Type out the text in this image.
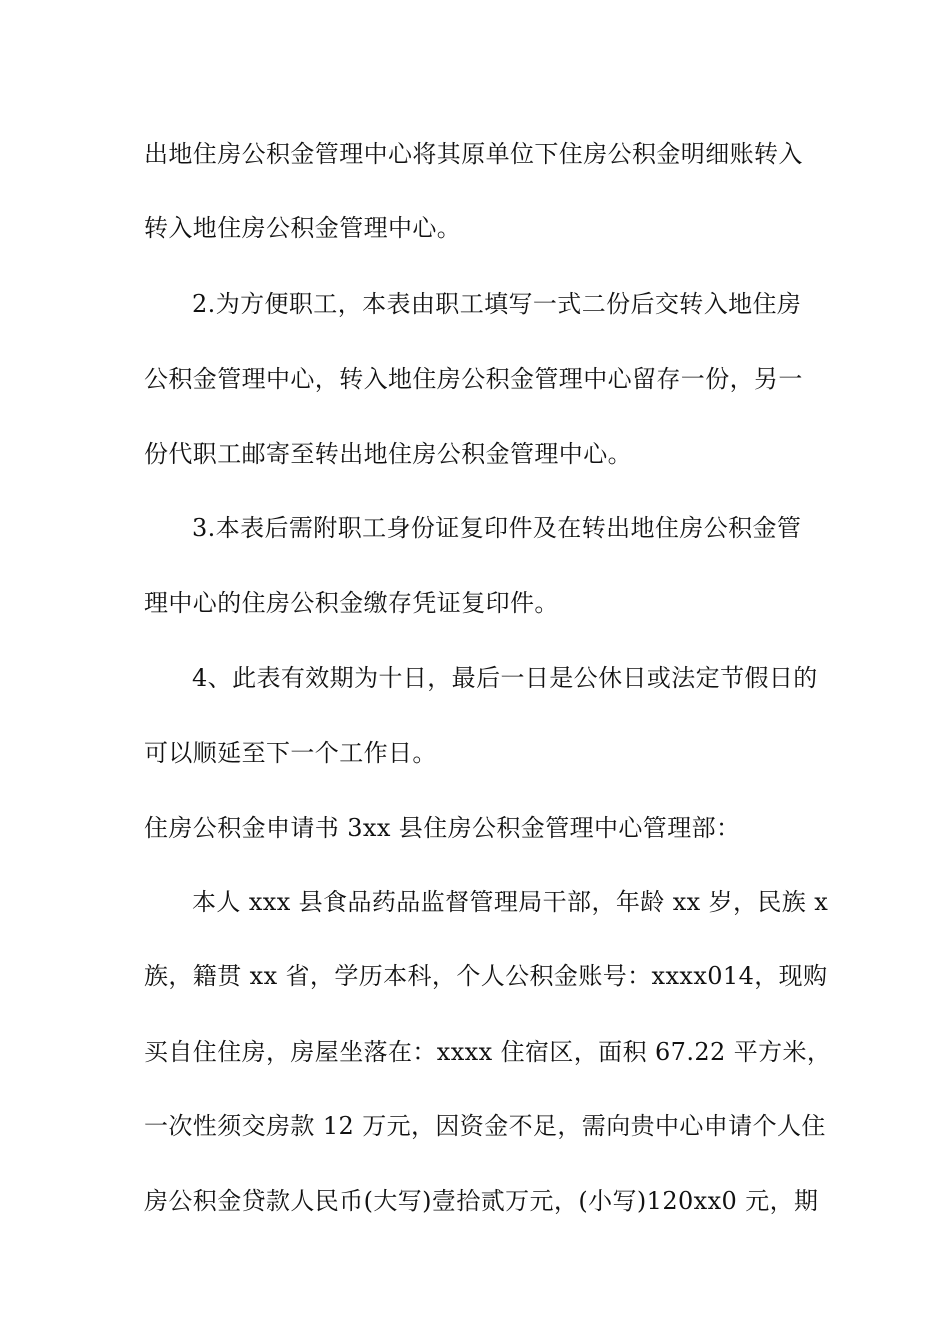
出地住房公积金管理中心将其原单位下住房公积金明细账转入
转入地住房公积金管理中心。
2.为方便职工，本表由职工填写一式二份后交转入地住房
公积金管理中心，转入地住房公积金管理中心留存一份，另一
份代职工邮寄至转出地住房公积金管理中心。
3.本表后需附职工身份证复印件及在转出地住房公积金管
理中心的住房公积金缴存凭证复印件。
4、此表有效期为十日，最后一日是公休日或法定节假日的
可以顺延至下一个工作日。
住房公积金申请书 3xx 县住房公积金管理中心管理部：
本人 xxx 县食品药品监督管理局干部，年龄 xx 岁，民族 x
族，籍贯 xx 省，学历本科，个人公积金账号：xxxx014，现购
买自住住房，房屋坐落在：xxxx 住宿区，面积 67.22 平方米，
一次性须交房款 12 万元，因资金不足，需向贵中心申请个人住
房公积金贷款人民币(大写)壹拾贰万元，(小写)120xx0 元，期
